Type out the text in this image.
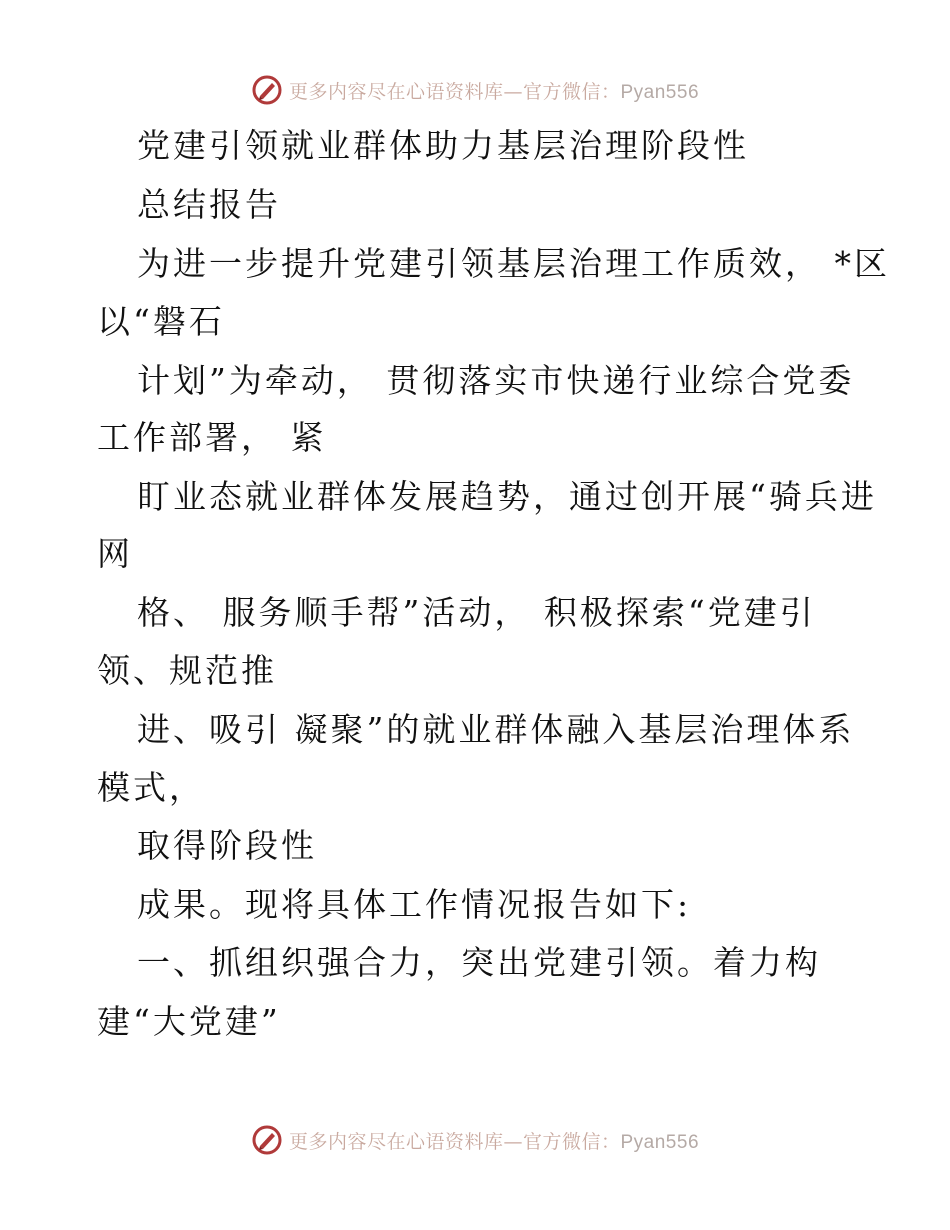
更多内容尽在心语资料库—官方微信：Pyan556
党建引领就业群体助力基层治理阶段性
总结报告
为进一步提升党建引领基层治理工作质效， *区
以“磐石
计划”为牵动， 贯彻落实市快递行业综合党委
工作部署， 紧
盯业态就业群体发展趋势，通过创开展“骑兵进
网
格、 服务顺手帮”活动， 积极探索“党建引
领、规范推
进、吸引 凝聚”的就业群体融入基层治理体系
模式，
取得阶段性
成果。现将具体工作情况报告如下:
一、抓组织强合力，突出党建引领。着力构
建“大党建”
更多内容尽在心语资料库—官方微信：Pyan556
